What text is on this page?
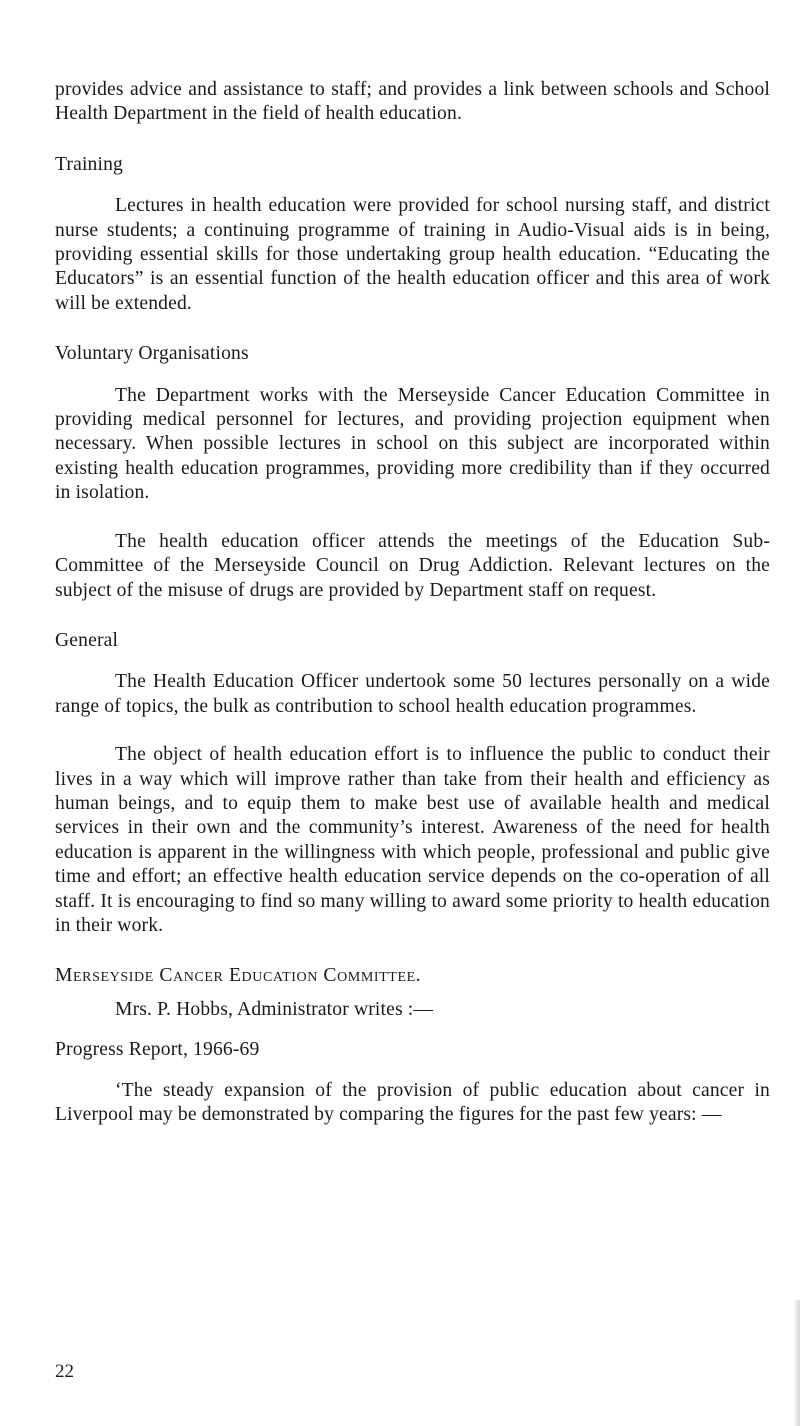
provides advice and assistance to staff; and provides a link between schools and School Health Department in the field of health education.

Training

Lectures in health education were provided for school nursing staff, and district nurse students; a continuing programme of training in Audio-Visual aids is in being, providing essential skills for those undertaking group health education. “Educating the Educators” is an essential function of the health education officer and this area of work will be extended.

Voluntary Organisations

The Department works with the Merseyside Cancer Education Committee in providing medical personnel for lectures, and providing projection equipment when necessary. When possible lectures in school on this subject are incorporated within existing health education programmes, providing more credibility than if they occurred in isolation.

The health education officer attends the meetings of the Education Sub-Committee of the Merseyside Council on Drug Addiction. Relevant lectures on the subject of the misuse of drugs are provided by Department staff on request.

General

The Health Education Officer undertook some 50 lectures personally on a wide range of topics, the bulk as contribution to school health education programmes.

The object of health education effort is to influence the public to conduct their lives in a way which will improve rather than take from their health and efficiency as human beings, and to equip them to make best use of available health and medical services in their own and the community’s interest. Awareness of the need for health education is apparent in the willingness with which people, professional and public give time and effort; an effective health education service depends on the co-operation of all staff. It is encouraging to find so many willing to award some priority to health education in their work.

Merseyside Cancer Education Committee.

Mrs. P. Hobbs, Administrator writes :—

Progress Report, 1966-69

‘The steady expansion of the provision of public education about cancer in Liverpool may be demonstrated by comparing the figures for the past few years: —

22
